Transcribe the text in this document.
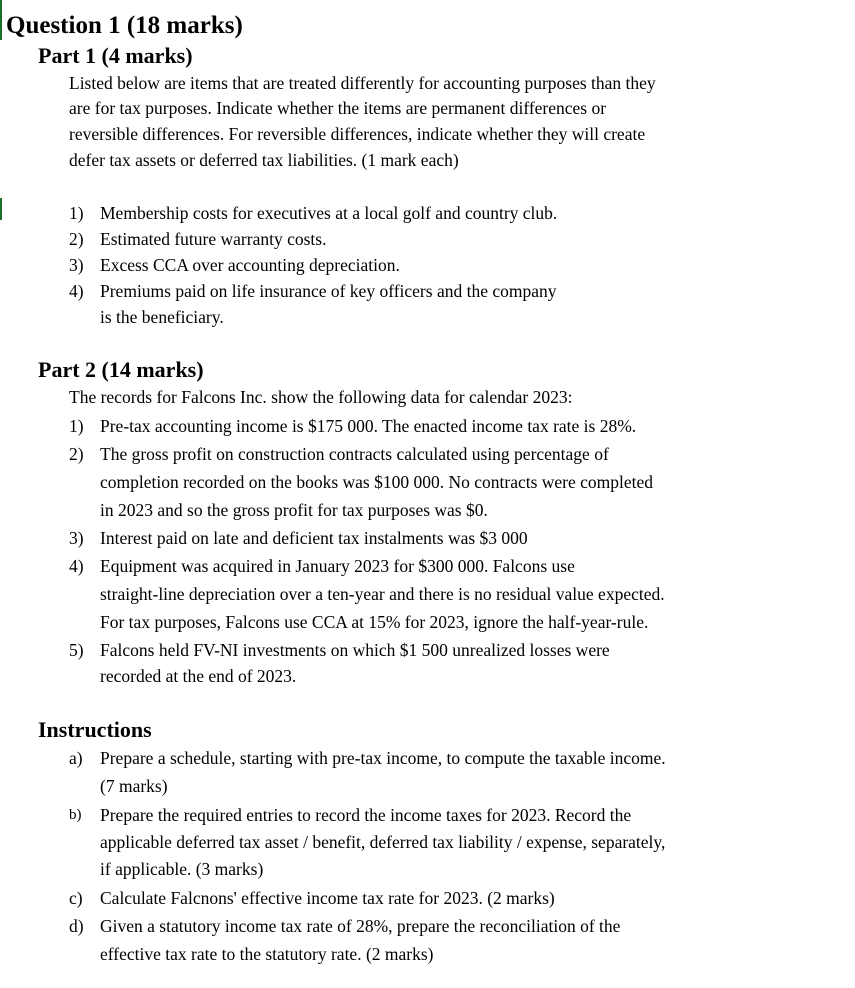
Question 1 (18 marks)
Part 1 (4 marks)
Listed below are items that are treated differently for accounting purposes than they
are for tax purposes. Indicate whether the items are permanent differences or
reversible differences. For reversible differences, indicate whether they will create
defer tax assets or deferred tax liabilities. (1 mark each)
1) Membership costs for executives at a local golf and country club.
2) Estimated future warranty costs.
3) Excess CCA over accounting depreciation.
4) Premiums paid on life insurance of key officers and the company
is the beneficiary.
Part 2 (14 marks)
The records for Falcons Inc. show the following data for calendar 2023:
1) Pre-tax accounting income is $175 000. The enacted income tax rate is 28%.
2) The gross profit on construction contracts calculated using percentage of
completion recorded on the books was $100 000. No contracts were completed
in 2023 and so the gross profit for tax purposes was $0.
3) Interest paid on late and deficient tax instalments was $3 000
4) Equipment was acquired in January 2023 for $300 000. Falcons use
straight-line depreciation over a ten-year and there is no residual value expected.
For tax purposes, Falcons use CCA at 15% for 2023, ignore the half-year-rule.
5) Falcons held FV-NI investments on which $1 500 unrealized losses were
recorded at the end of 2023.
Instructions
a) Prepare a schedule, starting with pre-tax income, to compute the taxable income.
(7 marks)
b) Prepare the required entries to record the income taxes for 2023. Record the
applicable deferred tax asset / benefit, deferred tax liability / expense, separately,
if applicable. (3 marks)
c) Calculate Falcnons' effective income tax rate for 2023. (2 marks)
d) Given a statutory income tax rate of 28%, prepare the reconciliation of the
effective tax rate to the statutory rate. (2 marks)
